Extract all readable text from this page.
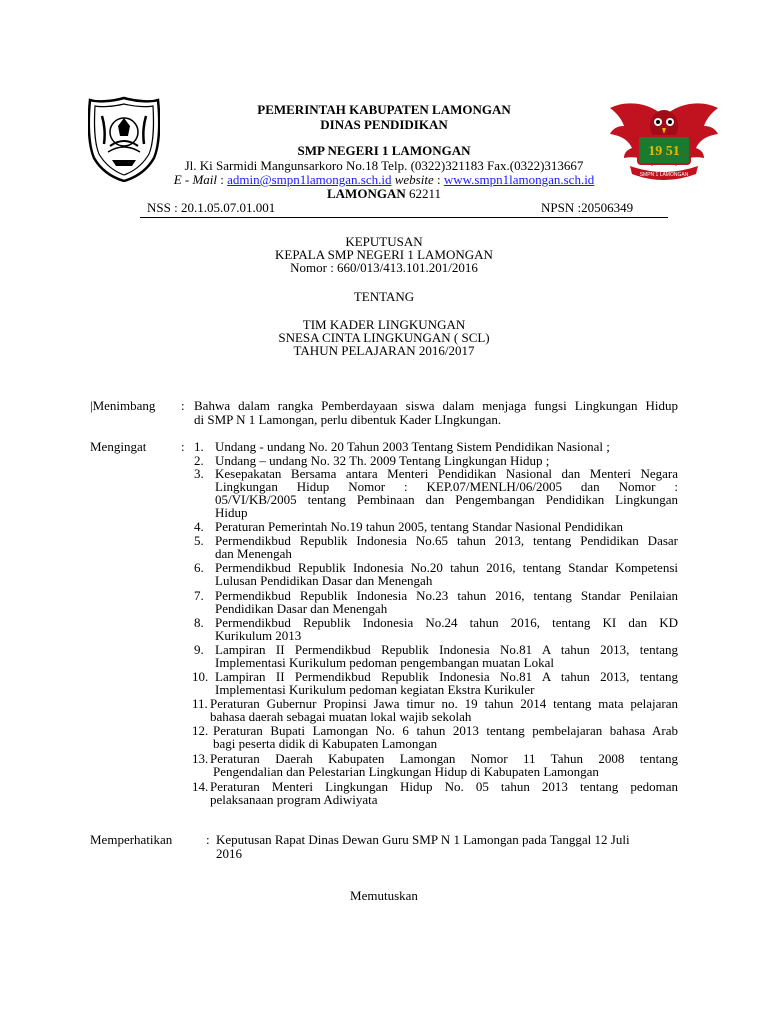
19 51
SMPN 1 LAMONGAN
PEMERINTAH KABUPATEN LAMONGAN
DINAS PENDIDIKAN
SMP NEGERI 1 LAMONGAN
Jl. Ki Sarmidi Mangunsarkoro No.18 Telp. (0322)321183 Fax.(0322)313667
E - Mail : admin@smpn1lamongan.sch.id website : www.smpn1lamongan.sch.id
LAMONGAN 62211
NSS : 20.1.05.07.01.001	NPSN :20506349
KEPUTUSAN
KEPALA SMP NEGERI 1 LAMONGAN
Nomor : 660/013/413.101.201/2016
TENTANG
TIM KADER LINGKUNGAN
SNESA CINTA LINGKUNGAN ( SCL)
TAHUN PELAJARAN 2016/2017
|Menimbang : Bahwa dalam rangka Pemberdayaan siswa dalam menjaga fungsi Lingkungan Hidup
di SMP N 1 Lamongan, perlu dibentuk Kader LIngkungan.
Mengingat	: 1. Undang - undang No. 20 Tahun 2003 Tentang Sistem Pendidikan Nasional ;
2. Undang – undang No. 32 Th. 2009 Tentang Lingkungan Hidup ;
3. Kesepakatan Bersama antara Menteri Pendidikan Nasional dan Menteri Negara
Lingkungan Hidup Nomor : KEP.07/MENLH/06/2005 dan Nomor :
05/VI/KB/2005 tentang Pembinaan dan Pengembangan Pendidikan Lingkungan
Hidup
4. Peraturan Pemerintah No.19 tahun 2005, tentang Standar Nasional Pendidikan
5. Permendikbud Republik Indonesia No.65 tahun 2013, tentang Pendidikan Dasar
dan Menengah
6. Permendikbud Republik Indonesia No.20 tahun 2016, tentang Standar Kompetensi
Lulusan Pendidikan Dasar dan Menengah
7. Permendikbud Republik Indonesia No.23 tahun 2016, tentang Standar Penilaian
Pendidikan Dasar dan Menengah
8. Permendikbud Republik Indonesia No.24 tahun 2016, tentang KI dan KD
Kurikulum 2013
9. Lampiran II Permendikbud Republik Indonesia No.81 A tahun 2013, tentang
Implementasi Kurikulum pedoman pengembangan muatan Lokal
10. Lampiran II Permendikbud Republik Indonesia No.81 A tahun 2013, tentang
Implementasi Kurikulum pedoman kegiatan Ekstra Kurikuler
11. Peraturan Gubernur Propinsi Jawa timur no. 19 tahun 2014 tentang mata pelajaran
bahasa daerah sebagai muatan lokal wajib sekolah
12. Peraturan Bupati Lamongan No. 6 tahun 2013 tentang pembelajaran bahasa Arab
bagi peserta didik di Kabupaten Lamongan
13. Peraturan Daerah Kabupaten Lamongan Nomor 11 Tahun 2008 tentang
Pengendalian dan Pelestarian Lingkungan Hidup di Kabupaten Lamongan
14. Peraturan Menteri Lingkungan Hidup No. 05 tahun 2013 tentang pedoman
pelaksanaan program Adiwiyata
Memperhatikan	: Keputusan Rapat Dinas Dewan Guru SMP N 1 Lamongan pada Tanggal 12 Juli
2016
Memutuskan
